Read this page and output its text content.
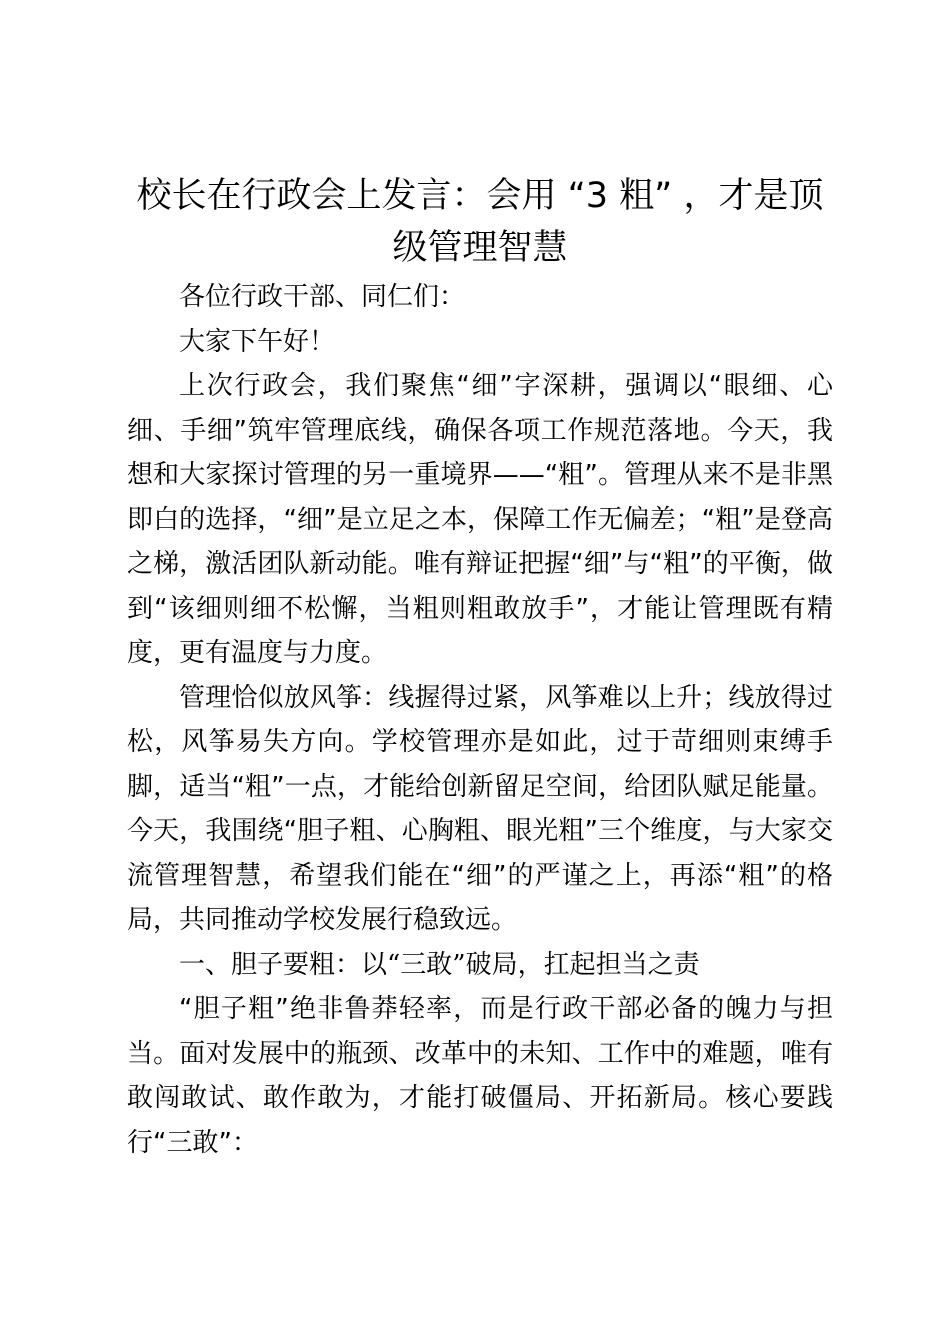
校长在行政会上发言：会用 “3 粗” ，才是顶级管理智慧

各位行政干部、同仁们：

大家下午好！

上次行政会，我们聚焦“细”字深耕，强调以“眼细、心细、手细”筑牢管理底线，确保各项工作规范落地。今天，我想和大家探讨管理的另一重境界——“粗”。管理从来不是非黑即白的选择，“细”是立足之本，保障工作无偏差；“粗”是登高之梯，激活团队新动能。唯有辩证把握“细”与“粗”的平衡，做到“该细则细不松懈，当粗则粗敢放手”，才能让管理既有精度，更有温度与力度。

管理恰似放风筝：线握得过紧，风筝难以上升；线放得过松，风筝易失方向。学校管理亦是如此，过于苛细则束缚手脚，适当“粗”一点，才能给创新留足空间，给团队赋足能量。今天，我围绕“胆子粗、心胸粗、眼光粗”三个维度，与大家交流管理智慧，希望我们能在“细”的严谨之上，再添“粗”的格局，共同推动学校发展行稳致远。

一、胆子要粗：以“三敢”破局，扛起担当之责

“胆子粗”绝非鲁莽轻率，而是行政干部必备的魄力与担当。面对发展中的瓶颈、改革中的未知、工作中的难题，唯有敢闯敢试、敢作敢为，才能打破僵局、开拓新局。核心要践行“三敢”：
